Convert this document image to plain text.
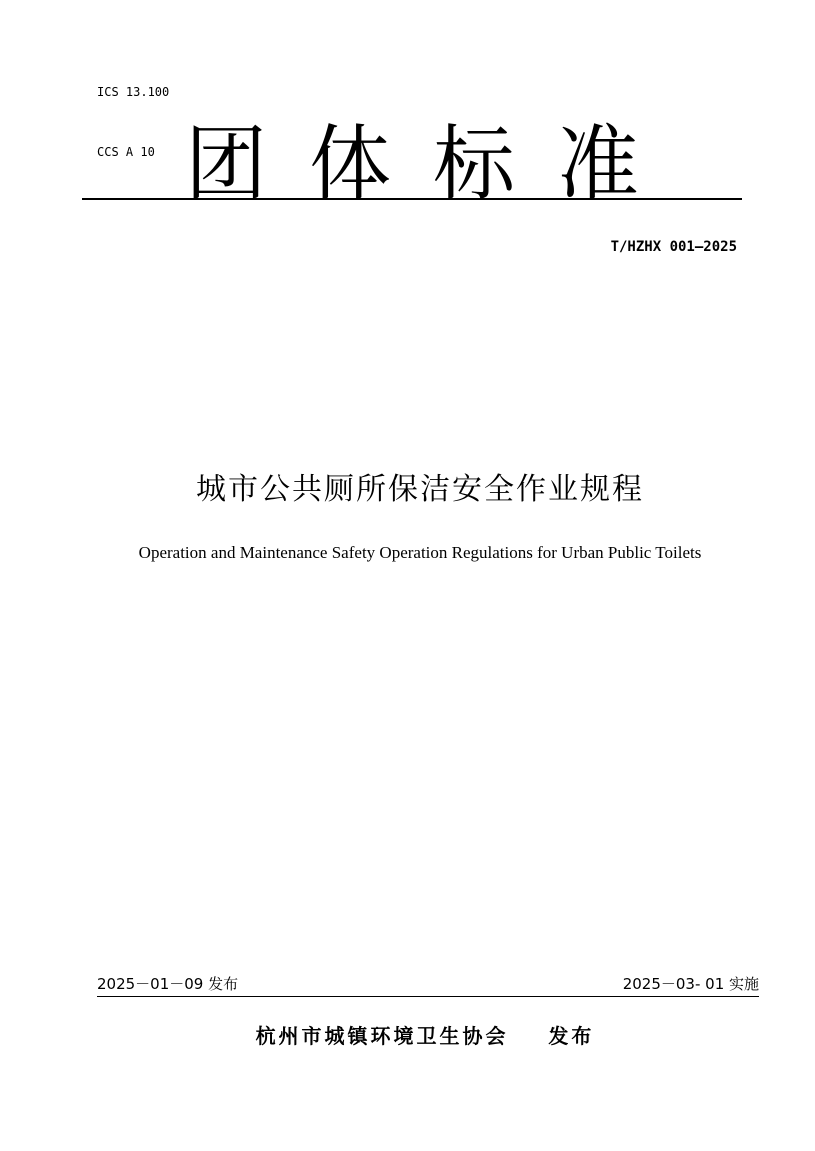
ICS 13.100

CCS A 10 团体标准
T/HZHX 001—2025
城市公共厕所保洁安全作业规程
Operation and Maintenance Safety Operation Regulations for Urban Public Toilets
2025－01－09 发布	2025－03- 01 实施
杭州市城镇环境卫生协会    发布
